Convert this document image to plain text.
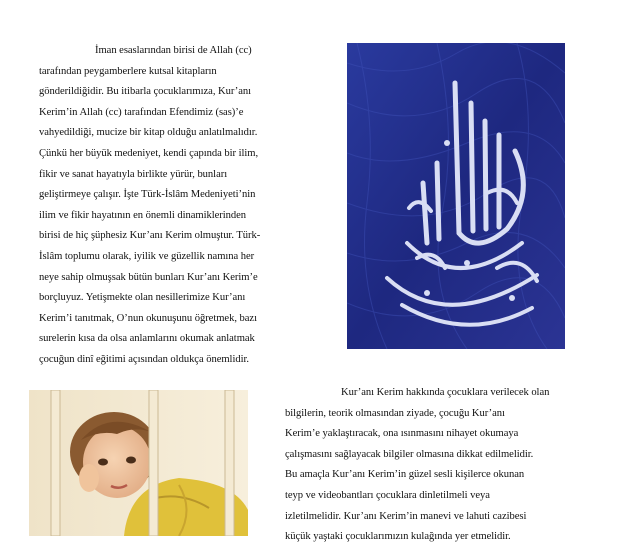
İman esaslarından birisi de Allah (cc)
tarafından peygamberlere kutsal kitapların
gönderildiğidir. Bu itibarla çocuklarımıza, Kur’anı
Kerim’in Allah (cc) tarafından Efendimiz (sas)’e
vahyedildiği, mucize bir kitap olduğu anlatılmalıdır.
Çünkü her büyük medeniyet, kendi çapında bir ilim,
fikir ve sanat hayatıyla birlikte yürür, bunları
geliştirmeye çalışır. İşte Türk-İslâm Medeniyeti’nin
ilim ve fikir hayatının en önemli dinamiklerinden
birisi de hiç şüphesiz Kur’anı Kerim olmuştur. Türk-
İslâm toplumu olarak, iyilik ve güzellik namına her
neye sahip olmuşsak bütün bunları Kur’anı Kerim’e
borçluyuz. Yetişmekte olan nesillerimize Kur’anı
Kerim’i tanıtmak, O’nun okunuşunu öğretmek, bazı
surelerin kısa da olsa anlamlarını okumak anlatmak
çocuğun dinî eğitimi açısından oldukça önemlidir.
Kur’anı Kerim hakkında çocuklara verilecek olan
bilgilerin, teorik olmasından ziyade, çocuğu Kur’anı
Kerim’e yaklaştıracak, ona ısınmasını nihayet okumaya
çalışmasını sağlayacak bilgiler olmasına dikkat edilmelidir.
Bu amaçla Kur’anı Kerim’in güzel sesli kişilerce okunan
teyp ve videobantları çocuklara dinletilmeli veya
izletilmelidir. Kur’anı Kerim’in manevi ve lahuti cazibesi
küçük yaştaki çocuklarımızın kulağında yer etmelidir.
